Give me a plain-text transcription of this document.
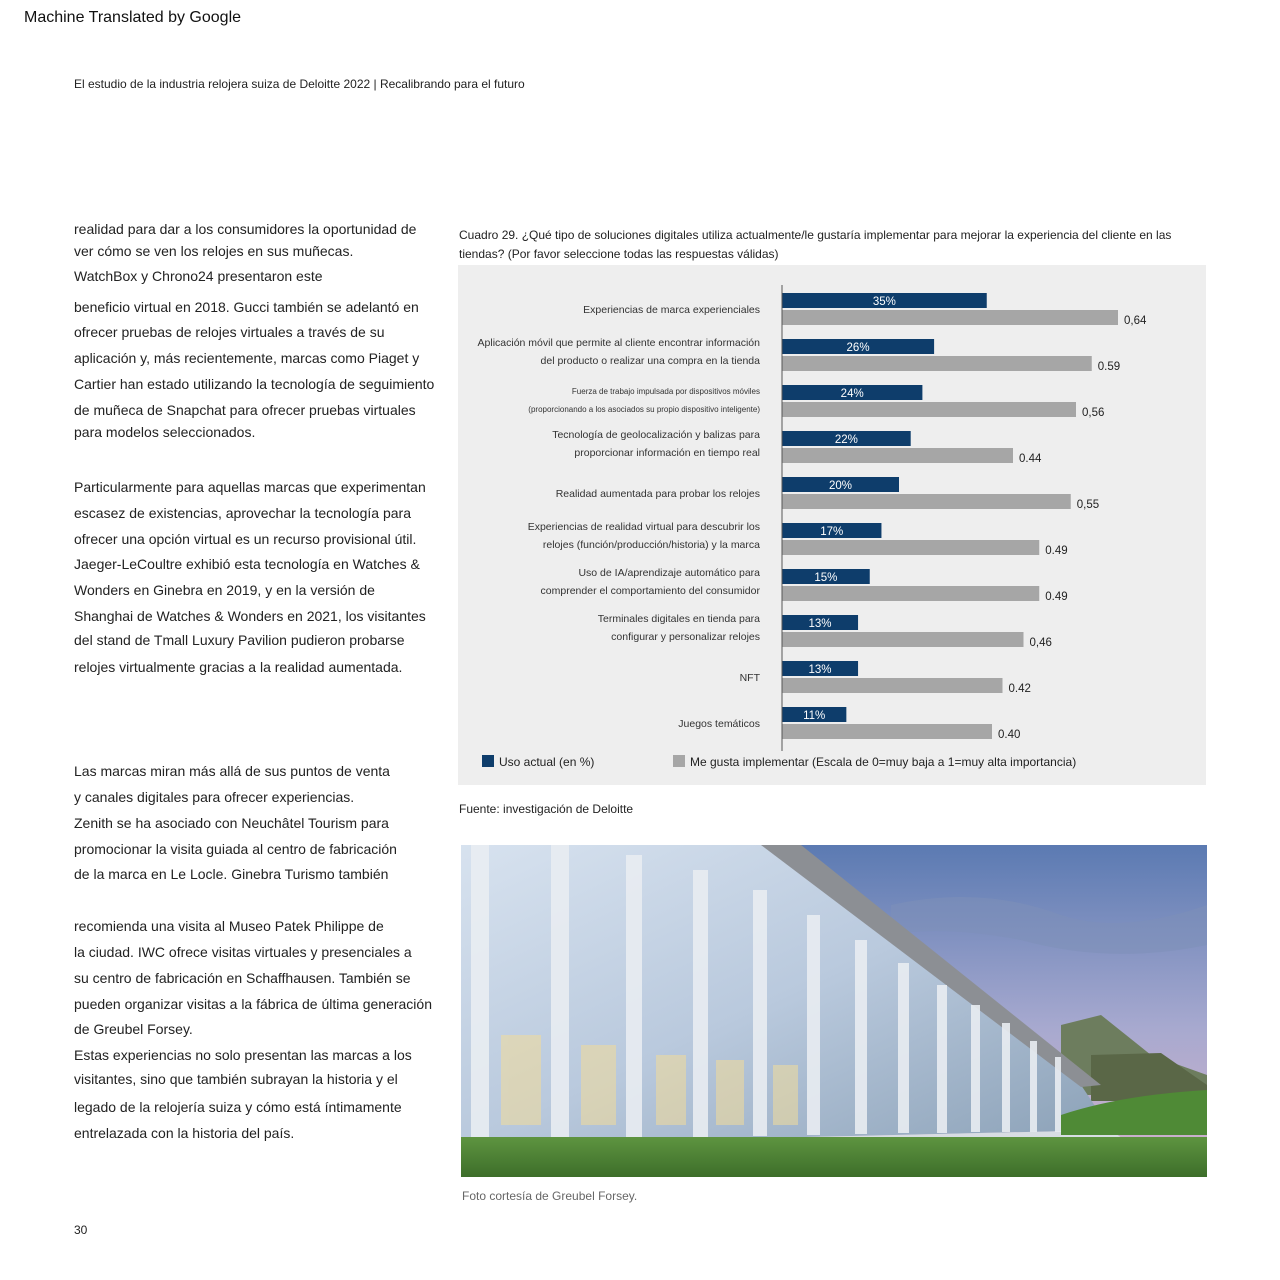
Machine Translated by Google
El estudio de la industria relojera suiza de Deloitte 2022 | Recalibrando para el futuro
realidad para dar a los consumidores la oportunidad de
ver cómo se ven los relojes en sus muñecas.
WatchBox y Chrono24 presentaron este
beneficio virtual en 2018. Gucci también se adelantó en
ofrecer pruebas de relojes virtuales a través de su
aplicación y, más recientemente, marcas como Piaget y
Cartier han estado utilizando la tecnología de seguimiento
de muñeca de Snapchat para ofrecer pruebas virtuales
para modelos seleccionados.
Particularmente para aquellas marcas que experimentan
escasez de existencias, aprovechar la tecnología para
ofrecer una opción virtual es un recurso provisional útil.
Jaeger-LeCoultre exhibió esta tecnología en Watches &
Wonders en Ginebra en 2019, y en la versión de
Shanghai de Watches & Wonders en 2021, los visitantes
del stand de Tmall Luxury Pavilion pudieron probarse
relojes virtualmente gracias a la realidad aumentada.
Las marcas miran más allá de sus puntos de venta
y canales digitales para ofrecer experiencias.
Zenith se ha asociado con Neuchâtel Tourism para
promocionar la visita guiada al centro de fabricación
de la marca en Le Locle. Ginebra Turismo también
recomienda una visita al Museo Patek Philippe de
la ciudad. IWC ofrece visitas virtuales y presenciales a
su centro de fabricación en Schaffhausen. También se
pueden organizar visitas a la fábrica de última generación
de Greubel Forsey.
Estas experiencias no solo presentan las marcas a los
visitantes, sino que también subrayan la historia y el
legado de la relojería suiza y cómo está íntimamente
entrelazada con la historia del país.
Cuadro 29. ¿Qué tipo de soluciones digitales utiliza actualmente/le gustaría implementar para mejorar la experiencia del cliente en las tiendas? (Por favor seleccione todas las respuestas válidas)
Experiencias de marca experienciales
35%
0,64
Aplicación móvil que permite al cliente encontrar información
del producto o realizar una compra en la tienda
26%
0.59
Fuerza de trabajo impulsada por dispositivos móviles
(proporcionando a los asociados su propio dispositivo inteligente)
24%
0,56
Tecnología de geolocalización y balizas para
proporcionar información en tiempo real
22%
0.44
Realidad aumentada para probar los relojes
20%
0,55
Experiencias de realidad virtual para descubrir los
relojes (función/producción/historia) y la marca
17%
0.49
Uso de IA/aprendizaje automático para
comprender el comportamiento del consumidor
15%
0.49
Terminales digitales en tienda para
configurar y personalizar relojes
13%
0,46
NFT
13%
0.42
Juegos temáticos
11%
0.40
Uso actual (en %)	Me gusta implementar (Escala de 0=muy baja a 1=muy alta importancia)
Fuente: investigación de Deloitte
Foto cortesía de Greubel Forsey.
30
